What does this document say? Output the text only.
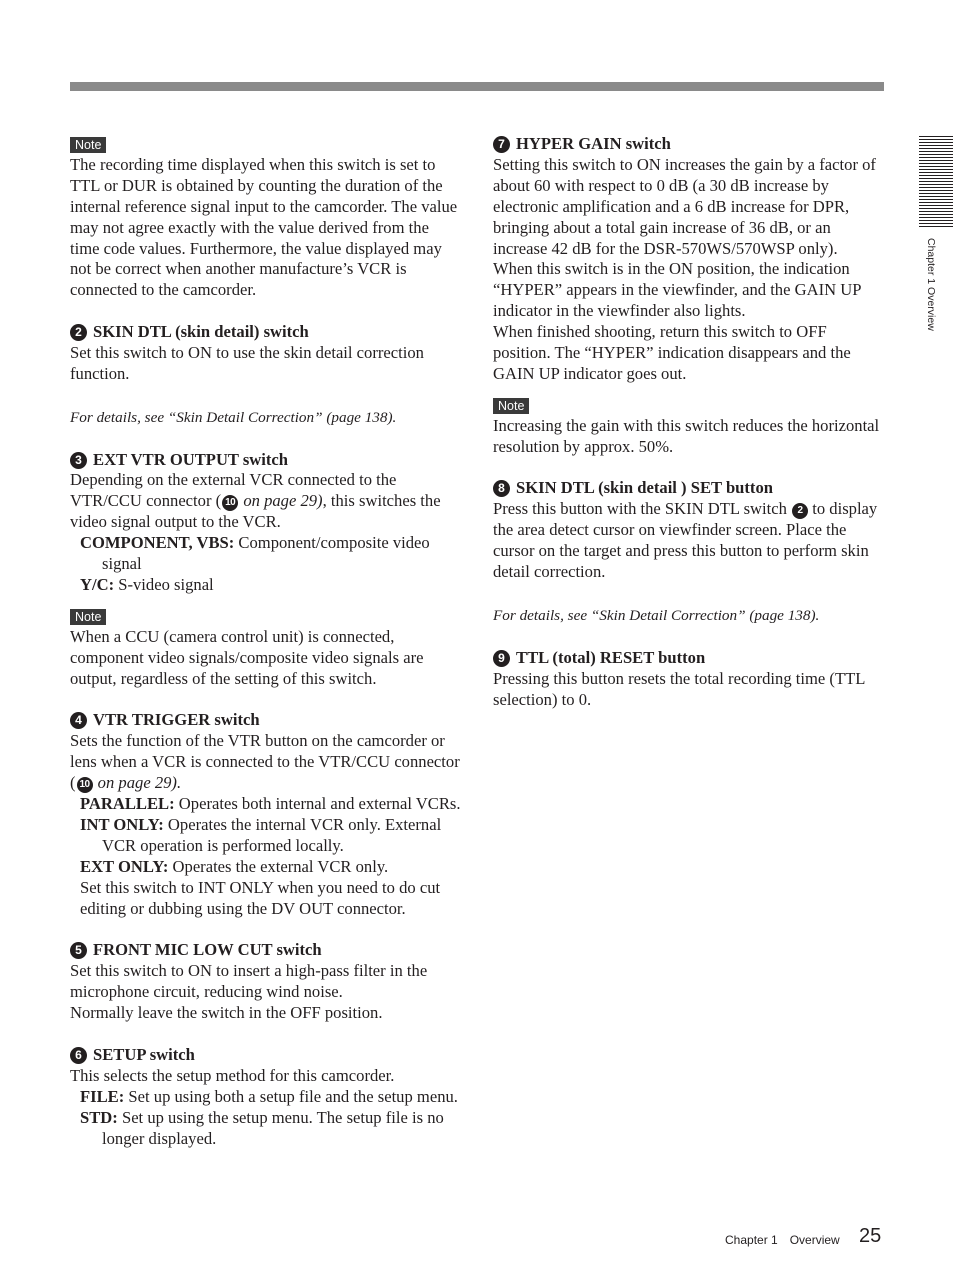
Chapter 1 Overview
Note

The recording time displayed when this switch is set to TTL or DUR is obtained by counting the duration of the internal reference signal input to the camcorder. The value may not agree exactly with the value derived from the time code values. Furthermore, the value displayed may not be correct when another manufacture’s VCR is connected to the camcorder.

2 SKIN DTL (skin detail) switch

Set this switch to ON to use the skin detail correction function.

For details, see “Skin Detail Correction” (page 138).

3 EXT VTR OUTPUT switch

Depending on the external VCR connected to the VTR/CCU connector ( 10 on page 29), this switches the video signal output to the VCR.

COMPONENT, VBS: Component/composite video signal

Y/C: S-video signal

Note

When a CCU (camera control unit) is connected, component video signals/composite video signals are output, regardless of the setting of this switch.

4 VTR TRIGGER switch

Sets the function of the VTR button on the camcorder or lens when a VCR is connected to the VTR/CCU connector ( 10 on page 29).

PARALLEL: Operates both internal and external VCRs.

INT ONLY: Operates the internal VCR only. External VCR operation is performed locally.

EXT ONLY: Operates the external VCR only.

Set this switch to INT ONLY when you need to do cut editing or dubbing using the DV OUT connector.

5 FRONT MIC LOW CUT switch

Set this switch to ON to insert a high-pass filter in the microphone circuit, reducing wind noise.

Normally leave the switch in the OFF position.

6 SETUP switch

This selects the setup method for this camcorder.

FILE: Set up using both a setup file and the setup menu.

STD: Set up using the setup menu. The setup file is no longer displayed.

7 HYPER GAIN switch

Setting this switch to ON increases the gain by a factor of about 60 with respect to 0 dB (a 30 dB increase by electronic amplification and a 6 dB increase for DPR, bringing about a total gain increase of 36 dB, or an increase 42 dB for the DSR-570WS/570WSP only).

When this switch is in the ON position, the indication “HYPER” appears in the viewfinder, and the GAIN UP indicator in the viewfinder also lights.

When finished shooting, return this switch to OFF position. The “HYPER” indication disappears and the GAIN UP indicator goes out.

Note

Increasing the gain with this switch reduces the horizontal resolution by approx. 50%.

8 SKIN DTL (skin detail ) SET button

Press this button with the SKIN DTL switch 2 to display the area detect cursor on viewfinder screen. Place the cursor on the target and press this button to perform skin detail correction.

For details, see “Skin Detail Correction” (page 138).

9 TTL (total) RESET button

Pressing this button resets the total recording time (TTL selection) to 0.

Chapter 1 Overview 25
